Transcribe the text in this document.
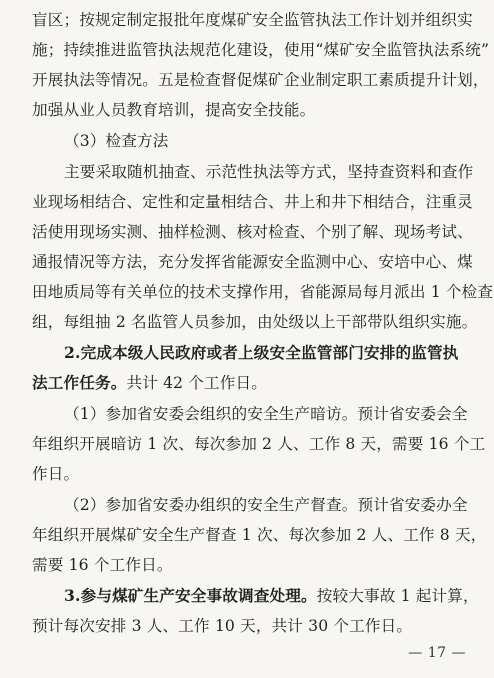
盲区；按规定制定报批年度煤矿安全监管执法工作计划并组织实
施；持续推进监管执法规范化建设，使用“煤矿安全监管执法系统”
开展执法等情况。五是检查督促煤矿企业制定职工素质提升计划，
加强从业人员教育培训，提高安全技能。
（3）检查方法
主要采取随机抽查、示范性执法等方式，坚持查资料和查作
业现场相结合、定性和定量相结合、井上和井下相结合，注重灵
活使用现场实测、抽样检测、核对检查、个别了解、现场考试、
通报情况等方法，充分发挥省能源安全监测中心、安培中心、煤
田地质局等有关单位的技术支撑作用，省能源局每月派出 1 个检查
组，每组抽 2 名监管人员参加，由处级以上干部带队组织实施。
2.完成本级人民政府或者上级安全监管部门安排的监管执
法工作任务。共计 42 个工作日。
（1）参加省安委会组织的安全生产暗访。预计省安委会全
年组织开展暗访 1 次、每次参加 2 人、工作 8 天，需要 16 个工
作日。
（2）参加省安委办组织的安全生产督查。预计省安委办全
年组织开展煤矿安全生产督查 1 次、每次参加 2 人、工作 8 天，
需要 16 个工作日。
3.参与煤矿生产安全事故调查处理。按较大事故 1 起计算，
预计每次安排 3 人、工作 10 天，共计 30 个工作日。
— 17 —
